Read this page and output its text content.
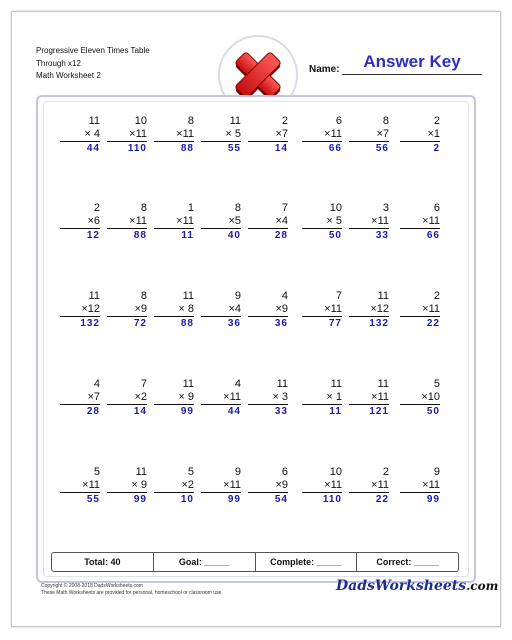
Progressive Eleven Times Table
Through x12
Math Worksheet 2
Name:	Answer Key
11
× 4
44
10
×11
110
8
×11
88
11
× 5
55
2
×7
14
6
×11
66
8
×7
56
2
×1
2
2
×6
12
8
×11
88
1
×11
11
8
×5
40
7
×4
28
10
× 5
50
3
×11
33
6
×11
66
11
×12
132
8
×9
72
11
× 8
88
9
×4
36
4
×9
36
7
×11
77
11
×12
132
2
×11
22
4
×7
28
7
×2
14
11
× 9
99
4
×11
44
11
× 3
33
11
× 1
11
11
×11
121
5
×10
50
5
×11
55
11
× 9
99
5
×2
10
9
×11
99
6
×9
54
10
×11
110
2
×11
22
9
×11
99
Total: 40	Goal: _____	Complete: _____	Correct: _____
Copyright © 2008-2018 DadsWorksheets.com
These Math Worksheets are provided for personal, homeschool or classroom use.	DadsWorksheets.com
